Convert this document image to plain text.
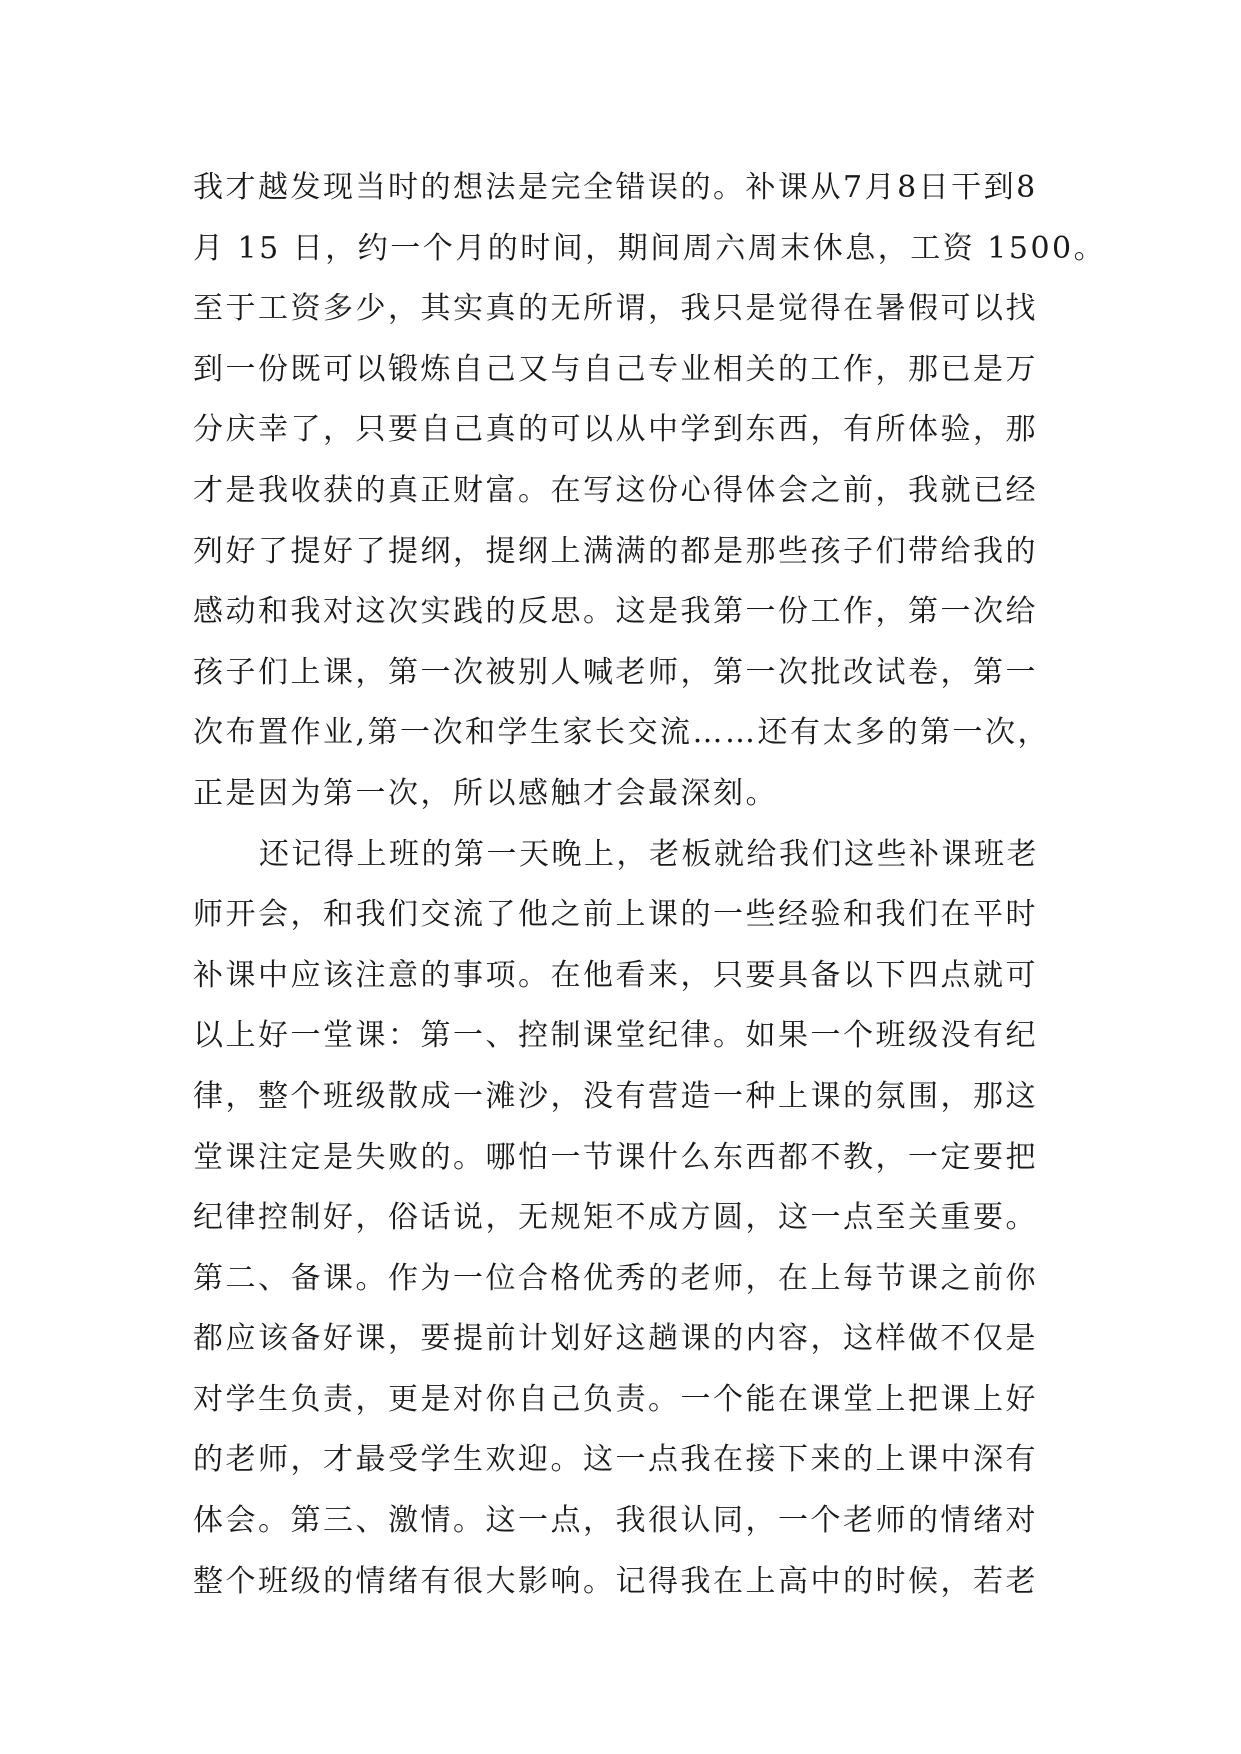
我才越发现当时的想法是完全错误的。补课从7月8日干到8
月 15 日，约一个月的时间，期间周六周末休息，工资 1500。
至于工资多少，其实真的无所谓，我只是觉得在暑假可以找
到一份既可以锻炼自己又与自己专业相关的工作，那已是万
分庆幸了，只要自己真的可以从中学到东西，有所体验，那
才是我收获的真正财富。在写这份心得体会之前，我就已经
列好了提好了提纲，提纲上满满的都是那些孩子们带给我的
感动和我对这次实践的反思。这是我第一份工作，第一次给
孩子们上课，第一次被别人喊老师，第一次批改试卷，第一
次布置作业,第一次和学生家长交流……还有太多的第一次，
正是因为第一次，所以感触才会最深刻。
还记得上班的第一天晚上，老板就给我们这些补课班老
师开会，和我们交流了他之前上课的一些经验和我们在平时
补课中应该注意的事项。在他看来，只要具备以下四点就可
以上好一堂课：第一、控制课堂纪律。如果一个班级没有纪
律，整个班级散成一滩沙，没有营造一种上课的氛围，那这
堂课注定是失败的。哪怕一节课什么东西都不教，一定要把
纪律控制好，俗话说，无规矩不成方圆，这一点至关重要。
第二、备课。作为一位合格优秀的老师，在上每节课之前你
都应该备好课，要提前计划好这趟课的内容，这样做不仅是
对学生负责，更是对你自己负责。一个能在课堂上把课上好
的老师，才最受学生欢迎。这一点我在接下来的上课中深有
体会。第三、激情。这一点，我很认同，一个老师的情绪对
整个班级的情绪有很大影响。记得我在上高中的时候，若老
